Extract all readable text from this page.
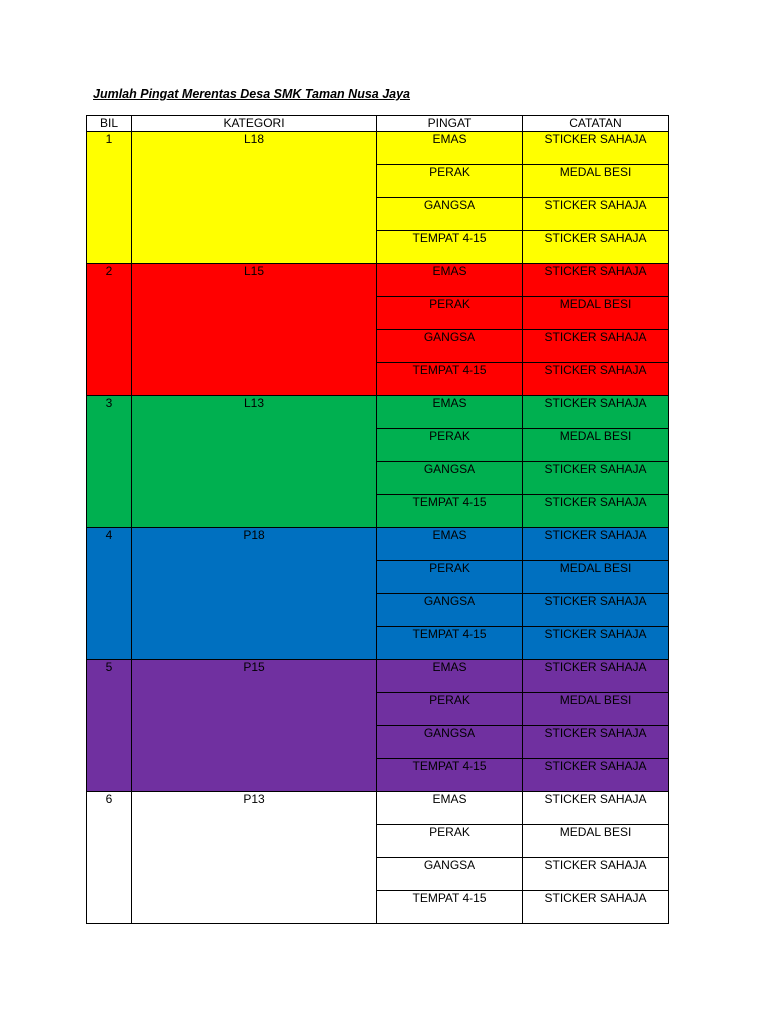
Jumlah Pingat Merentas Desa SMK Taman Nusa Jaya
BIL	KATEGORI	PINGAT	CATATAN
1	L18	EMAS	STICKER SAHAJA
		PERAK	MEDAL BESI
		GANGSA	STICKER SAHAJA
		TEMPAT 4-15	STICKER SAHAJA
2	L15	EMAS	STICKER SAHAJA
		PERAK	MEDAL BESI
		GANGSA	STICKER SAHAJA
		TEMPAT 4-15	STICKER SAHAJA
3	L13	EMAS	STICKER SAHAJA
		PERAK	MEDAL BESI
		GANGSA	STICKER SAHAJA
		TEMPAT 4-15	STICKER SAHAJA
4	P18	EMAS	STICKER SAHAJA
		PERAK	MEDAL BESI
		GANGSA	STICKER SAHAJA
		TEMPAT 4-15	STICKER SAHAJA
5	P15	EMAS	STICKER SAHAJA
		PERAK	MEDAL BESI
		GANGSA	STICKER SAHAJA
		TEMPAT 4-15	STICKER SAHAJA
6	P13	EMAS	STICKER SAHAJA
		PERAK	MEDAL BESI
		GANGSA	STICKER SAHAJA
		TEMPAT 4-15	STICKER SAHAJA
